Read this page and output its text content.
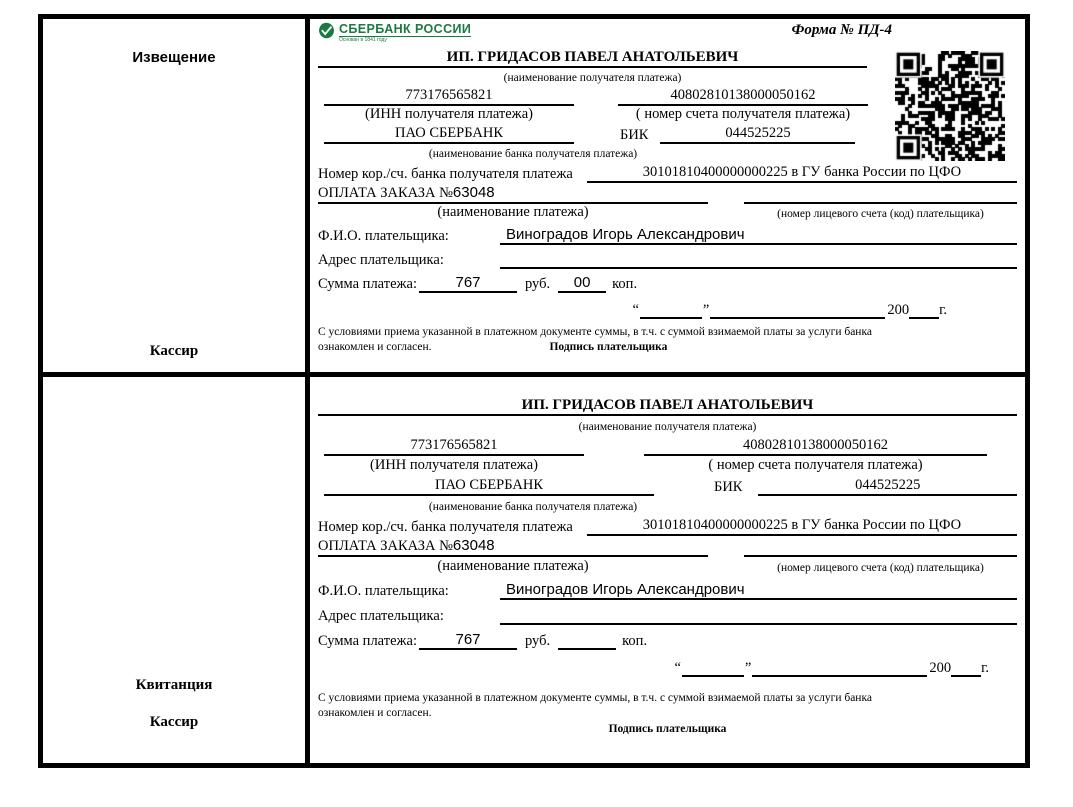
Извещение
Кассир
СБЕРБАНК РОССИИ
Основан в 1841 году
Форма № ПД-4
ИП. ГРИДАСОВ ПАВЕЛ АНАТОЛЬЕВИЧ
(наименование получателя платежа)
773176565821	40802810138000050162
(ИНН получателя платежа)	( номер счета получателя платежа)
ПАО СБЕРБАНК	БИК	044525225
(наименование банка получателя платежа)
Номер кор./сч. банка получателя платежа	30101810400000000225 в ГУ банка России по ЦФО
ОПЛАТА ЗАКАЗА №63048
(наименование платежа)	(номер лицевого счета (код) плательщика)
Ф.И.О. плательщика:	Виноградов Игорь Александрович
Адрес плательщика:
Сумма платежа:	767	руб.	00	коп.
“	”	200 г.
С условиями приема указанной в платежном документе суммы, в т.ч. с суммой взимаемой платы за услуги банка
ознакомлен и согласен.	Подпись плательщика
Квитанция
Кассир
ИП. ГРИДАСОВ ПАВЕЛ АНАТОЛЬЕВИЧ
(наименование получателя платежа)
773176565821	40802810138000050162
(ИНН получателя платежа)	( номер счета получателя платежа)
ПАО СБЕРБАНК	БИК	044525225
(наименование банка получателя платежа)
Номер кор./сч. банка получателя платежа	30101810400000000225 в ГУ банка России по ЦФО
ОПЛАТА ЗАКАЗА №63048
(наименование платежа)	(номер лицевого счета (код) плательщика)
Ф.И.О. плательщика:	Виноградов Игорь Александрович
Адрес плательщика:
Сумма платежа:	767	руб.	коп.
“	”	200 г.
С условиями приема указанной в платежном документе суммы, в т.ч. с суммой взимаемой платы за услуги банка
ознакомлен и согласен.
Подпись плательщика
